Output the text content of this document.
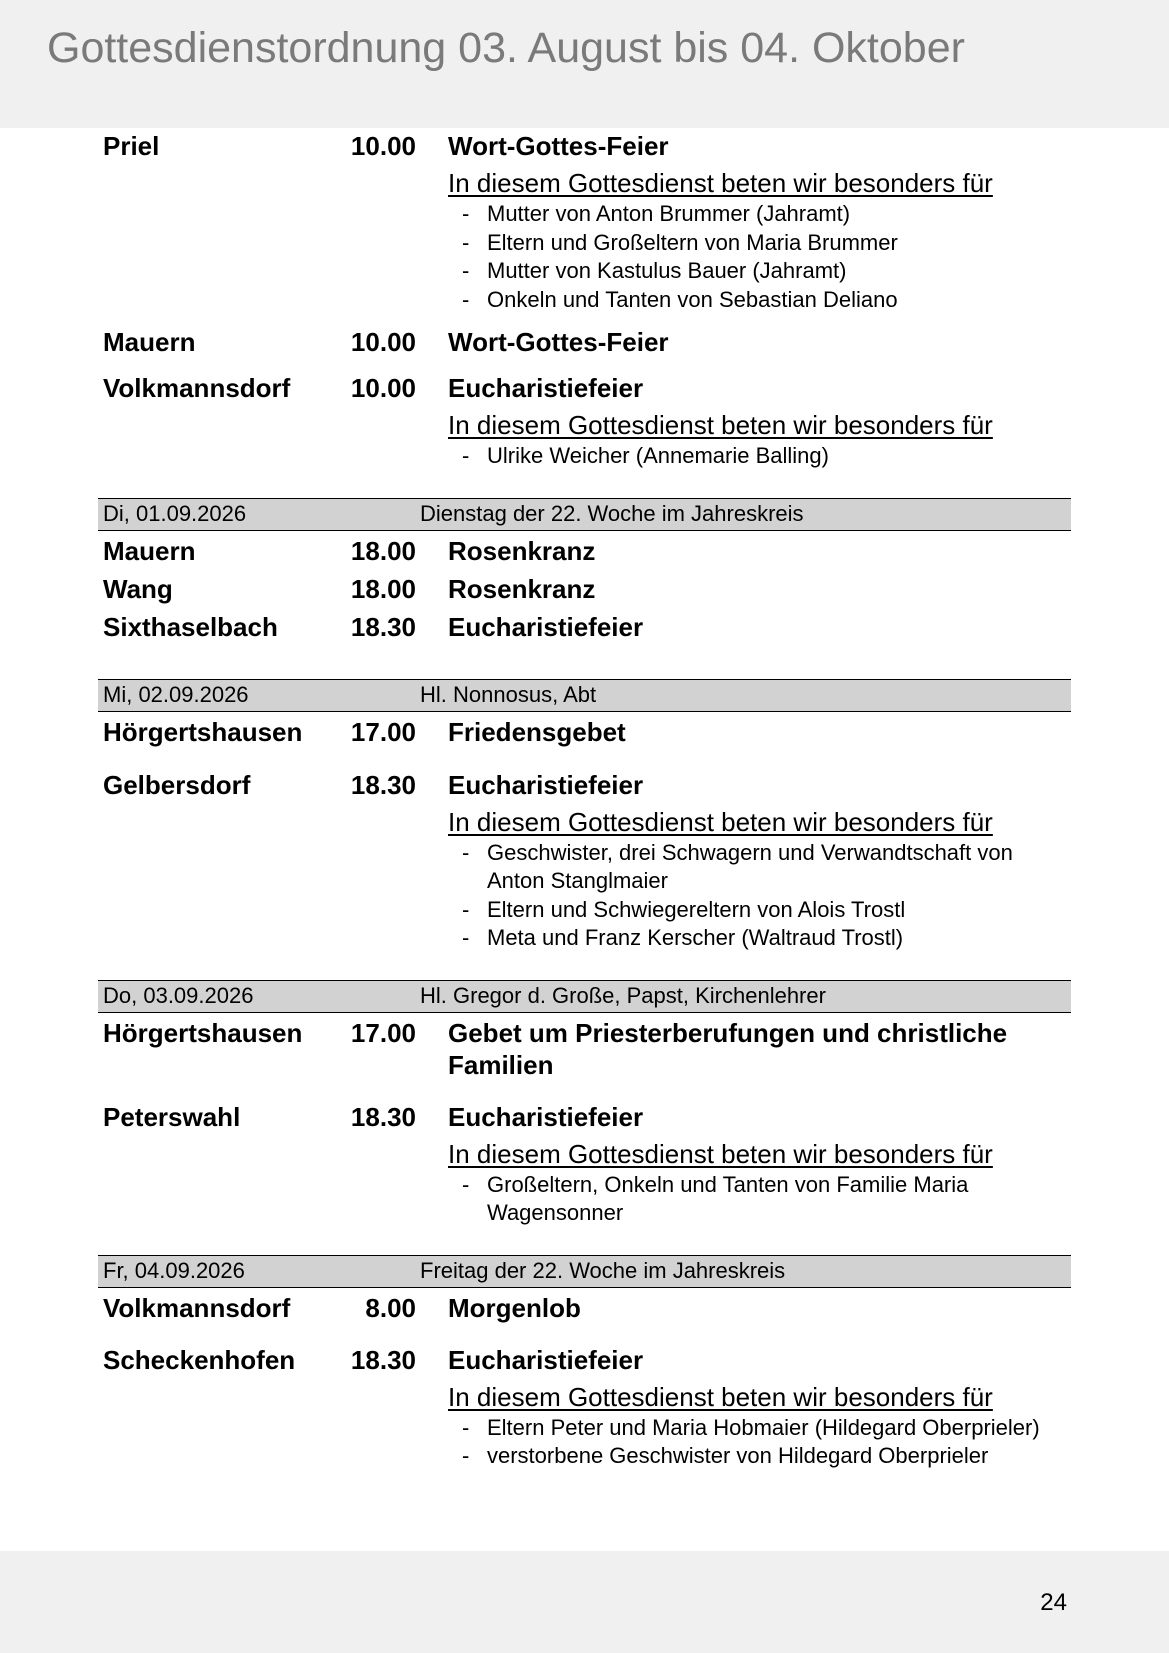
Gottesdienstordnung 03. August bis 04. Oktober
Priel	10.00 Wort-Gottes-Feier
In diesem Gottesdienst beten wir besonders für
- Mutter von Anton Brummer (Jahramt)
- Eltern und Großeltern von Maria Brummer
- Mutter von Kastulus Bauer (Jahramt)
- Onkeln und Tanten von Sebastian Deliano
Mauern	10.00 Wort-Gottes-Feier
Volkmannsdorf	10.00 Eucharistiefeier
In diesem Gottesdienst beten wir besonders für
- Ulrike Weicher (Annemarie Balling)
Di, 01.09.2026	Dienstag der 22. Woche im Jahreskreis
Mauern	18.00 Rosenkranz
Wang	18.00 Rosenkranz
Sixthaselbach	18.30 Eucharistiefeier
Mi, 02.09.2026	Hl. Nonnosus, Abt
Hörgertshausen	17.00 Friedensgebet
Gelbersdorf	18.30 Eucharistiefeier
In diesem Gottesdienst beten wir besonders für
- Geschwister, drei Schwagern und Verwandtschaft von Anton Stanglmaier
- Eltern und Schwiegereltern von Alois Trostl
- Meta und Franz Kerscher (Waltraud Trostl)
Do, 03.09.2026	Hl. Gregor d. Große, Papst, Kirchenlehrer
Hörgertshausen	17.00 Gebet um Priesterberufungen und christliche Familien
Peterswahl	18.30 Eucharistiefeier
In diesem Gottesdienst beten wir besonders für
- Großeltern, Onkeln und Tanten von Familie Maria Wagensonner
Fr, 04.09.2026	Freitag der 22. Woche im Jahreskreis
Volkmannsdorf	8.00 Morgenlob
Scheckenhofen	18.30 Eucharistiefeier
In diesem Gottesdienst beten wir besonders für
- Eltern Peter und Maria Hobmaier (Hildegard Oberprieler)
- verstorbene Geschwister von Hildegard Oberprieler
24
